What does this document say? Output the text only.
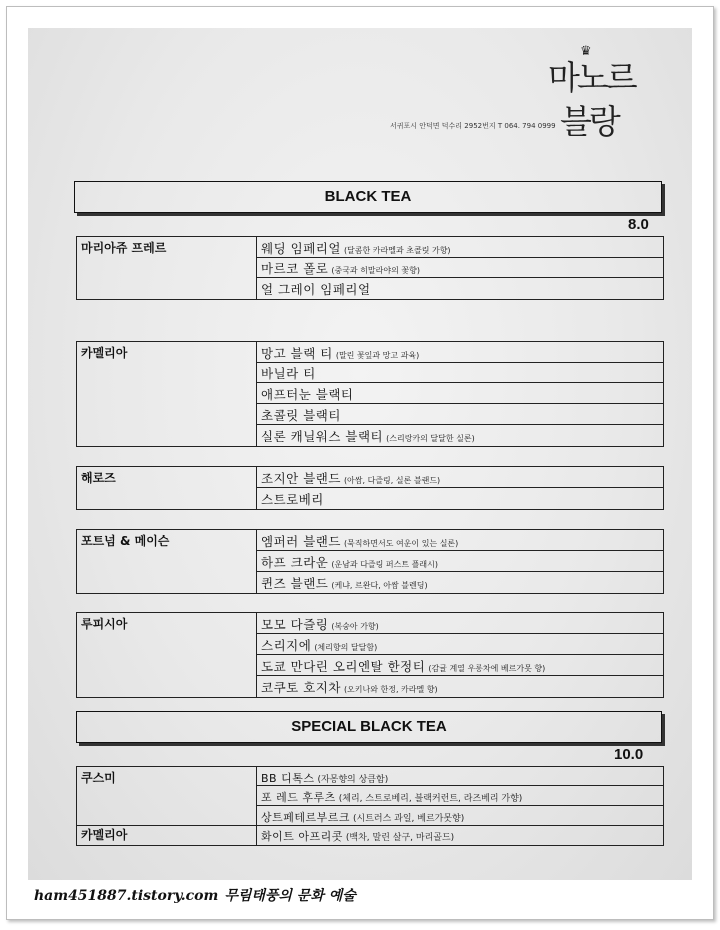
♛
마노르
블랑
서귀포시 안덕면 덕수리 2952번지 T 064. 794 0999
BLACK TEA
8.0
마리아쥬 프레르	웨딩 임페리얼 (달콤한 카라멜과 초콜릿 가향)
마르코 폴로 (중국과 히말라야의 꽃향)
얼 그레이 임페리얼
카멜리아	망고 블랙 티 (말린 꽃잎과 망고 과육)
바닐라 티
애프터눈 블랙티
초콜릿 블랙티
실론 캐닐워스 블랙티 (스리랑카의 달달한 실론)
해로즈	조지안 블랜드 (아쌈, 다즐링, 실론 블랜드)
스트로베리
포트넘 & 메이슨	엠퍼러 블랜드 (묵직하면서도 여운이 있는 실론)
하프 크라운 (운남과 다즐링 퍼스트 플래시)
퀸즈 블랜드 (케냐, 르완다, 아쌈 블렌딩)
루피시아	모모 다즐링 (복숭아 가향)
스리지에 (체리향의 달달함)
도쿄 만다린 오리엔탈 한정티 (감귤 계열 우롱차에 베르가못 향)
코쿠토 호지차 (오키나와 한정, 카라멜 향)
SPECIAL BLACK TEA
10.0
쿠스미	BB 디톡스 (자몽향의 상큼함)
포 레드 후루츠 (체리, 스트로베리, 블랙커런트, 라즈베리 가향)
상트페테르부르크 (시트러스 과일, 베르가못향)
카멜리아	화이트 아프리콧 (백차, 말린 살구, 마리골드)
ham451887.tistory.com 무림태풍의 문화 예술
